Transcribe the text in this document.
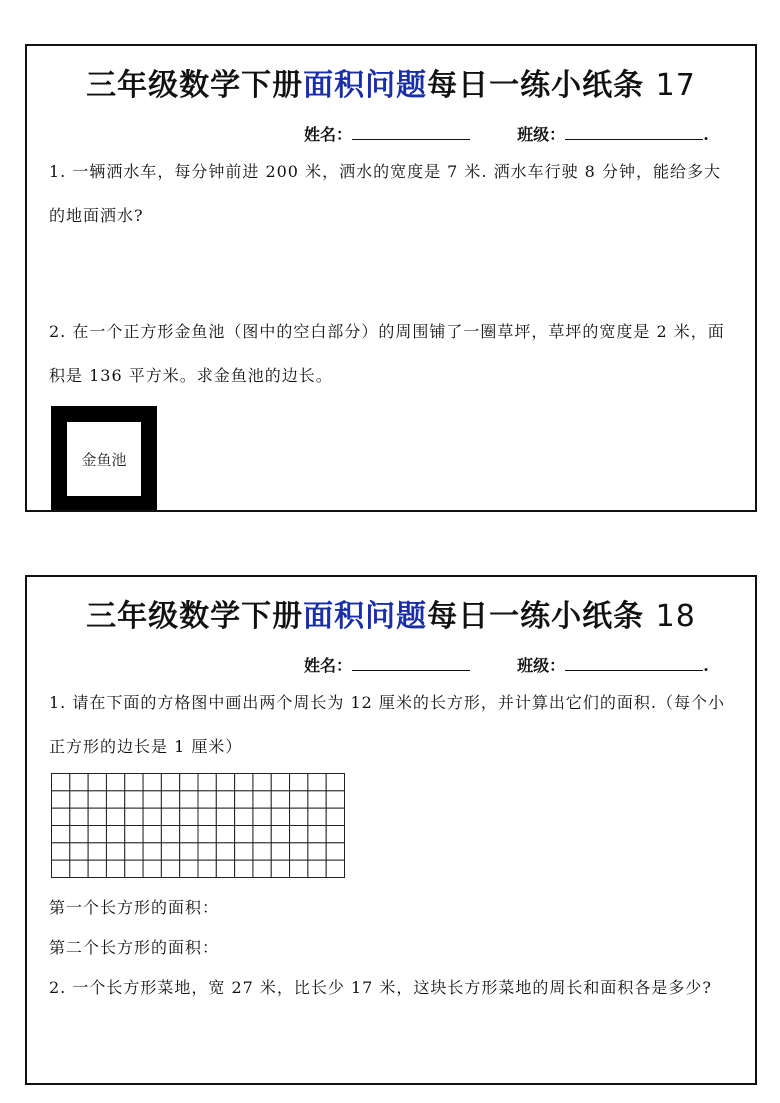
三年级数学下册面积问题每日一练小纸条 17
姓名：	班级：	.
1. 一辆洒水车，每分钟前进 200 米，洒水的宽度是 7 米. 洒水车行驶 8 分钟，能给多大的地面洒水?
2. 在一个正方形金鱼池（图中的空白部分）的周围铺了一圈草坪，草坪的宽度是 2 米，面积是 136 平方米。求金鱼池的边长。
金鱼池
三年级数学下册面积问题每日一练小纸条 18
姓名：	班级：	.
1. 请在下面的方格图中画出两个周长为 12 厘米的长方形，并计算出它们的面积.（每个小正方形的边长是 1 厘米）
第一个长方形的面积：
第二个长方形的面积：
2. 一个长方形菜地，宽 27 米，比长少 17 米，这块长方形菜地的周长和面积各是多少?
